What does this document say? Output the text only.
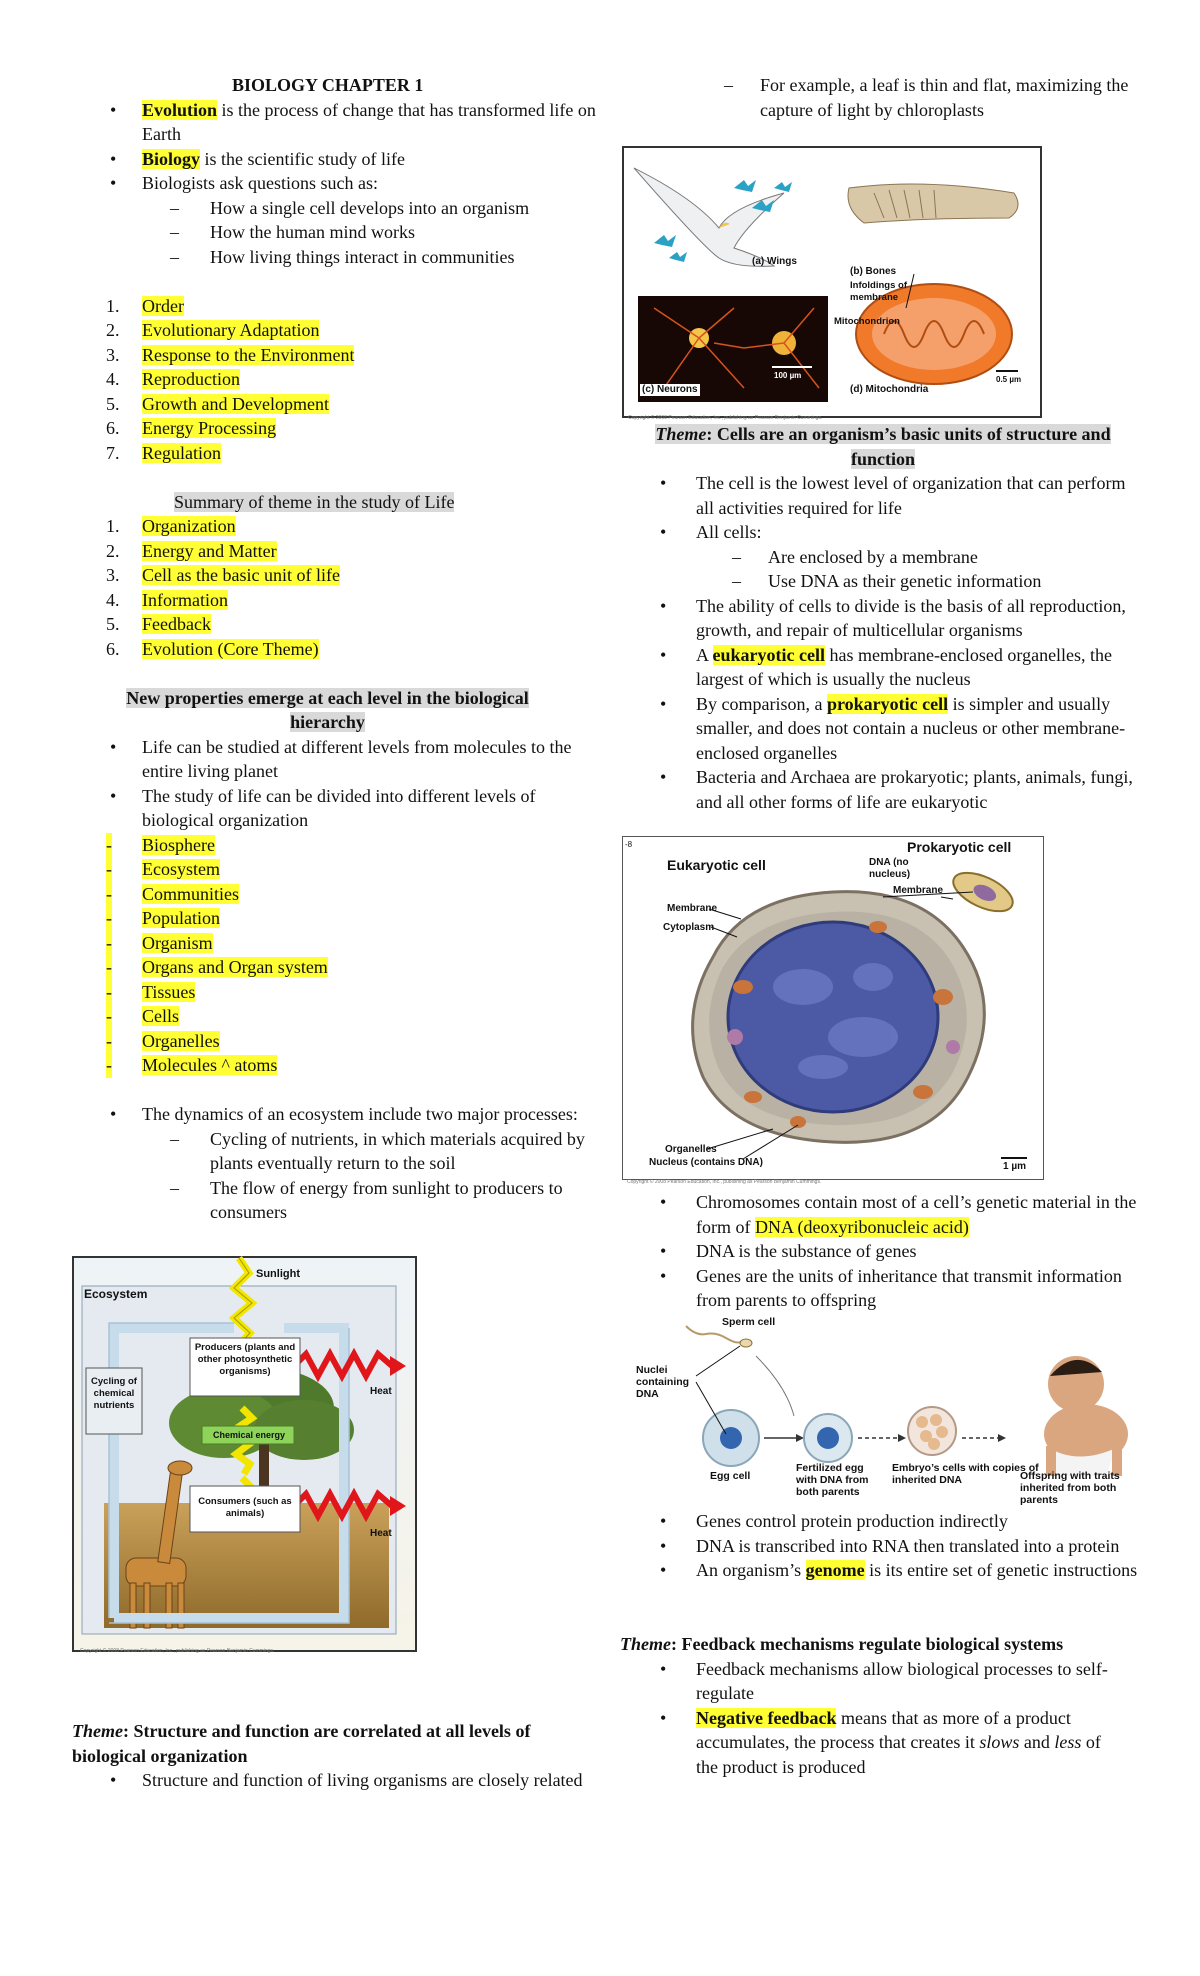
BIOLOGY CHAPTER 1

• Evolution is the process of change that has transformed life on Earth
• Biology is the scientific study of life
• Biologists ask questions such as:
– How a single cell develops into an organism
– How the human mind works
– How living things interact in communities
1. Order
2. Evolutionary Adaptation
3. Response to the Environment
4. Reproduction
5. Growth and Development
6. Energy Processing
7. Regulation

Summary of theme in the study of Life

1. Organization
2. Energy and Matter
3. Cell as the basic unit of life
4. Information
5. Feedback
6. Evolution (Core Theme)

New properties emerge at each level in the biological
hierarchy

• Life can be studied at different levels from molecules to the entire living planet
• The study of life can be divided into different levels of biological organization
- Biosphere
- Ecosystem
- Communities
- Population
- Organism
- Organs and Organ system
- Tissues
- Cells
- Organelles
- Molecules ^ atoms
• The dynamics of an ecosystem include two major processes:
– Cycling of nutrients, in which materials acquired by plants eventually return to the soil
– The flow of energy from sunlight to producers to consumers
Sunlight
Ecosystem
Cycling of chemical nutrients
Producers (plants and other photosynthetic organisms)
Heat
Chemical energy
Consumers (such as animals)
Heat
Copyright © 2008 Pearson Education, Inc., publishing as Pearson Benjamin Cummings.

Theme: Structure and function are correlated at all levels of biological organization

• Structure and function of living organisms are closely related
– For example, a leaf is thin and flat, maximizing the capture of light by chloroplasts
(a) Wings
(b) Bones
Infoldings of membrane
Mitochondrion
(c) Neurons
100 µm
(d) Mitochondria
0.5 µm
Copyright © 2008 Pearson Education, Inc., publishing as Pearson Benjamin Cummings.

Theme: Cells are an organism’s basic units of structure and
function

• The cell is the lowest level of organization that can perform all activities required for life
• All cells:
– Are enclosed by a membrane
– Use DNA as their genetic information
• The ability of cells to divide is the basis of all reproduction, growth, and repair of multicellular organisms
• A eukaryotic cell has membrane-enclosed organelles, the largest of which is usually the nucleus
• By comparison, a prokaryotic cell is simpler and usually smaller, and does not contain a nucleus or other membrane-enclosed organelles
• Bacteria and Archaea are prokaryotic; plants, animals, fungi, and all other forms of life are eukaryotic
-8	Prokaryotic cell
Eukaryotic cell	DNA (no nucleus)
Membrane
Membrane
Cytoplasm
Organelles
Nucleus (contains DNA)	1 µm
Copyright © 2008 Pearson Education, Inc., publishing as Pearson Benjamin Cummings.
• Chromosomes contain most of a cell’s genetic material in the form of DNA (deoxyribonucleic acid)
• DNA is the substance of genes
• Genes are the units of inheritance that transmit information from parents to offspring
Sperm cell
Nuclei containing DNA
Egg cell
Fertilized egg with DNA from both parents
Embryo’s cells with copies of inherited DNA	Offspring with traits inherited from both parents
• Genes control protein production indirectly
• DNA is transcribed into RNA then translated into a protein
• An organism’s genome is its entire set of genetic instructions

Theme: Feedback mechanisms regulate biological systems

• Feedback mechanisms allow biological processes to self-regulate
• Negative feedback means that as more of a product accumulates, the process that creates it slows and less of the product is produced
